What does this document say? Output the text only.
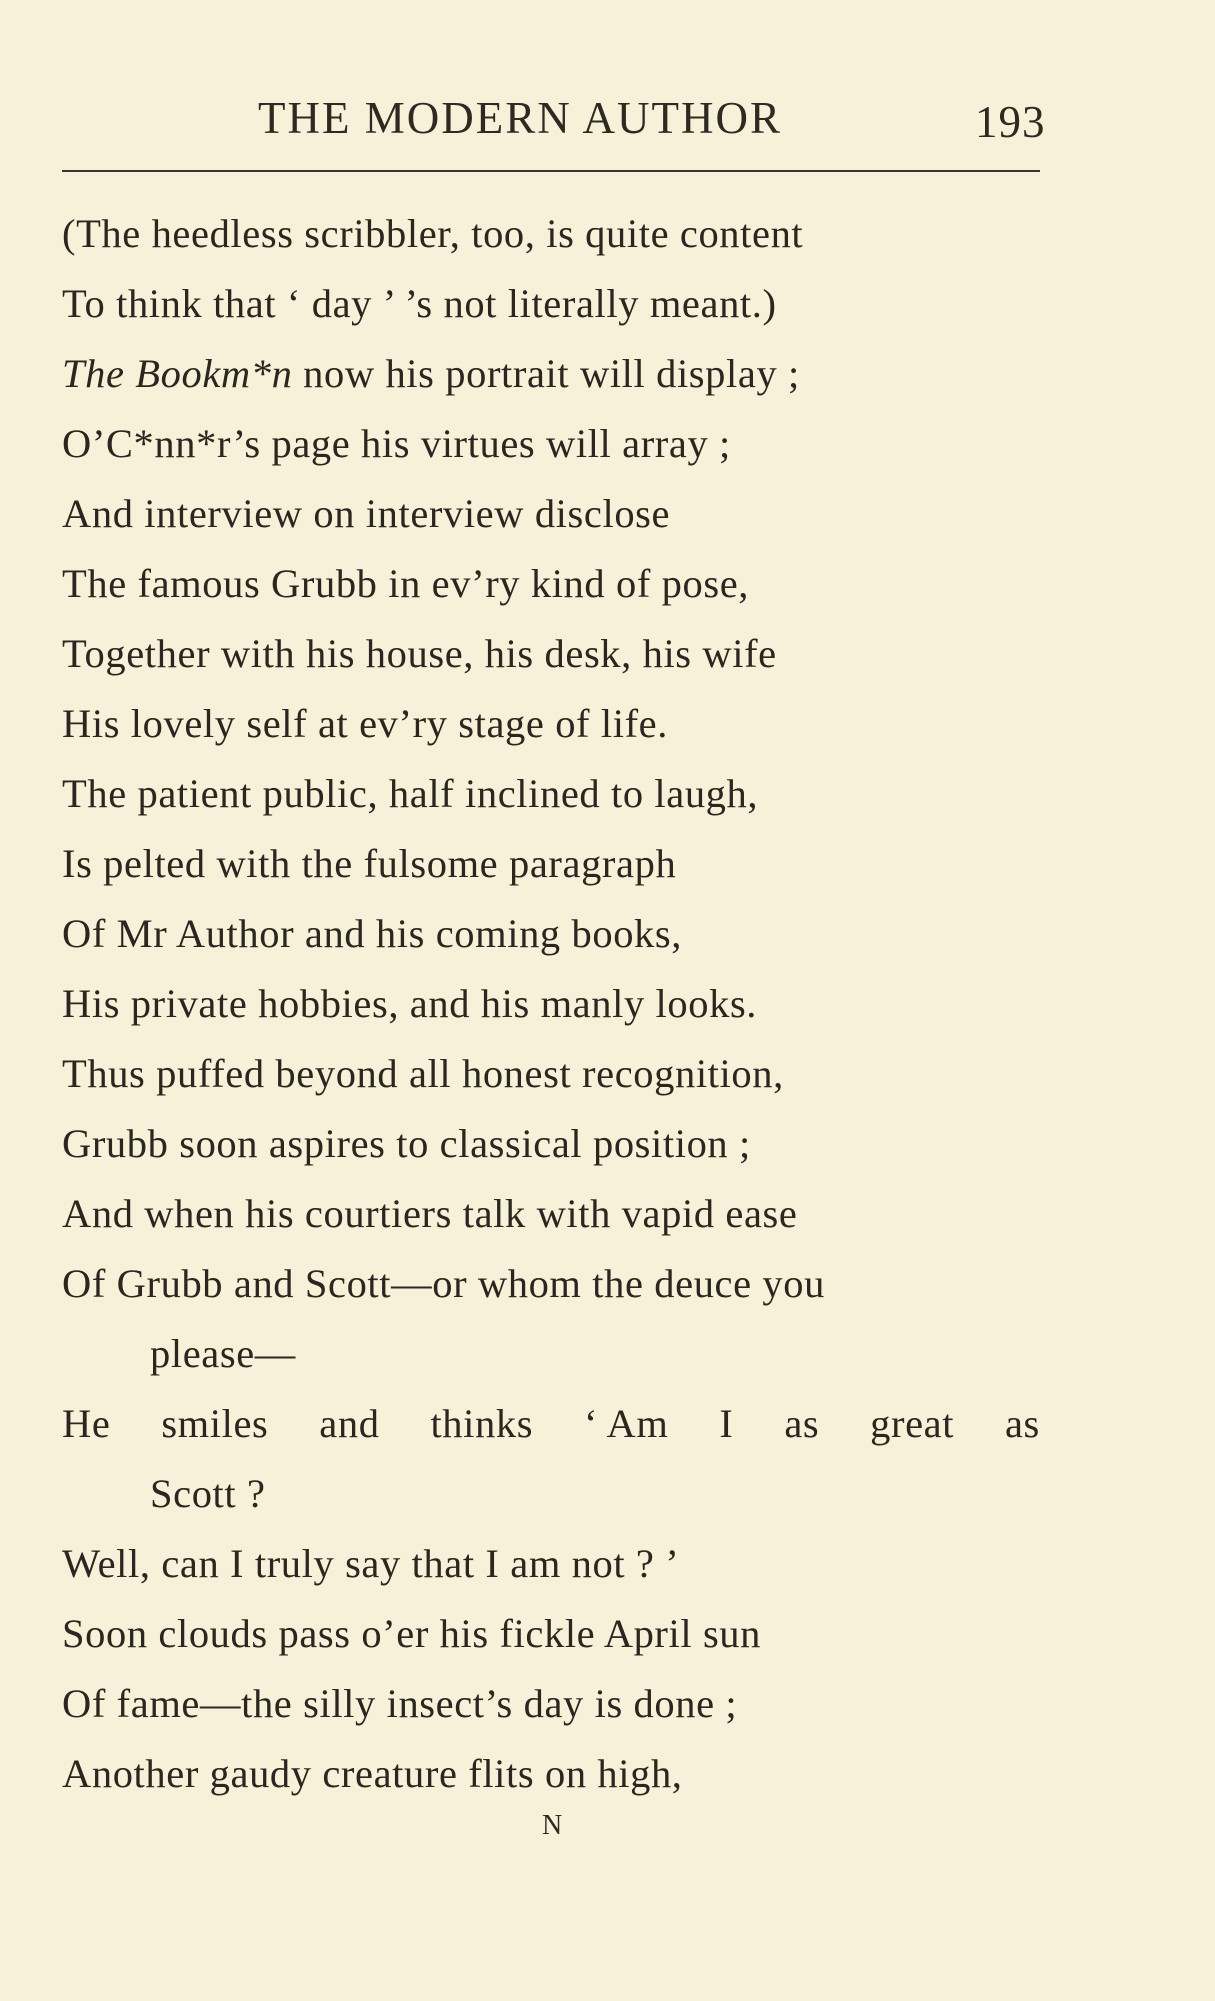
THE MODERN AUTHOR	193
(The heedless scribbler, too, is quite content
To think that ‘ day ’ ’s not literally meant.)
The Bookm*n now his portrait will display ;
O’C*nn*r’s page his virtues will array ;
And interview on interview disclose
The famous Grubb in ev’ry kind of pose,
Together with his house, his desk, his wife
His lovely self at ev’ry stage of life.
The patient public, half inclined to laugh,
Is pelted with the fulsome paragraph
Of Mr Author and his coming books,
His private hobbies, and his manly looks.
Thus puffed beyond all honest recognition,
Grubb soon aspires to classical position ;
And when his courtiers talk with vapid ease
Of Grubb and Scott—or whom the deuce you
please—
He smiles and thinks ‘ Am I as great as
Scott ?
Well, can I truly say that I am not ? ’
Soon clouds pass o’er his fickle April sun
Of fame—the silly insect’s day is done ;
Another gaudy creature flits on high,
N
